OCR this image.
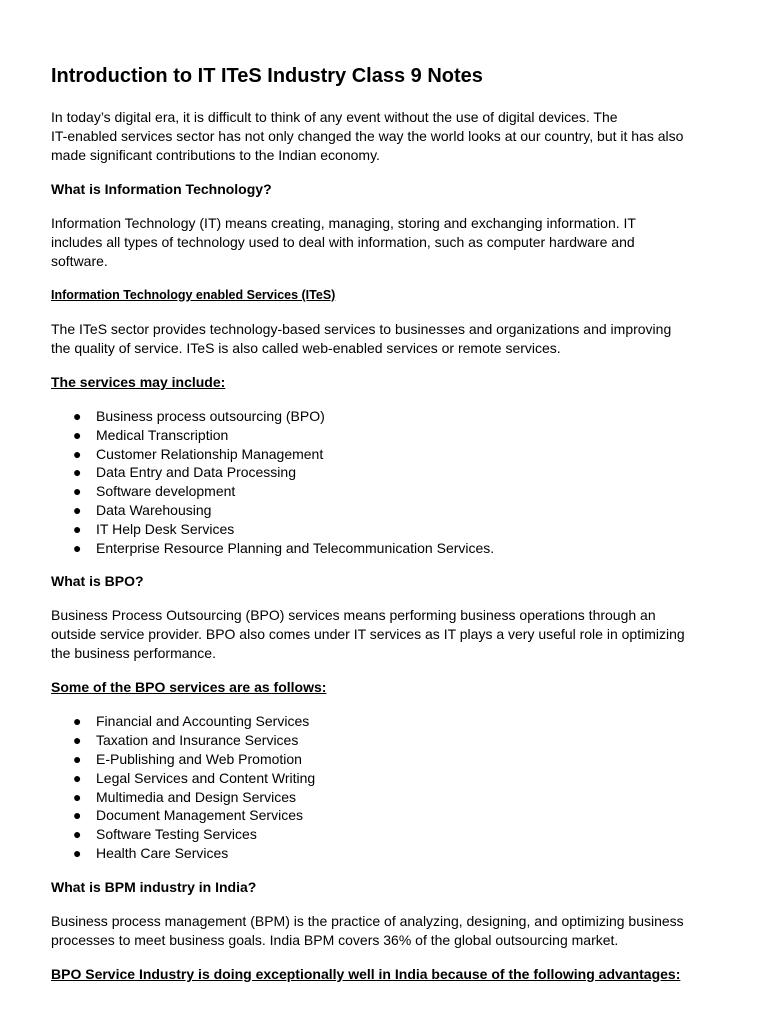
Introduction to IT ITeS Industry Class 9 Notes

In today’s digital era, it is difficult to think of any event without the use of digital devices. The
IT-enabled services sector has not only changed the way the world looks at our country, but it has also
made significant contributions to the Indian economy.

What is Information Technology?

Information Technology (IT) means creating, managing, storing and exchanging information. IT
includes all types of technology used to deal with information, such as computer hardware and
software.

Information Technology enabled Services (ITeS)

The ITeS sector provides technology-based services to businesses and organizations and improving
the quality of service. ITeS is also called web-enabled services or remote services.

The services may include:
● Business process outsourcing (BPO)
● Medical Transcription
● Customer Relationship Management
● Data Entry and Data Processing
● Software development
● Data Warehousing
● IT Help Desk Services
● Enterprise Resource Planning and Telecommunication Services.
What is BPO?

Business Process Outsourcing (BPO) services means performing business operations through an
outside service provider. BPO also comes under IT services as IT plays a very useful role in optimizing
the business performance.

Some of the BPO services are as follows:
● Financial and Accounting Services
● Taxation and Insurance Services
● E-Publishing and Web Promotion
● Legal Services and Content Writing
● Multimedia and Design Services
● Document Management Services
● Software Testing Services
● Health Care Services
What is BPM industry in India?

Business process management (BPM) is the practice of analyzing, designing, and optimizing business
processes to meet business goals. India BPM covers 36% of the global outsourcing market.

BPO Service Industry is doing exceptionally well in India because of the following advantages:
